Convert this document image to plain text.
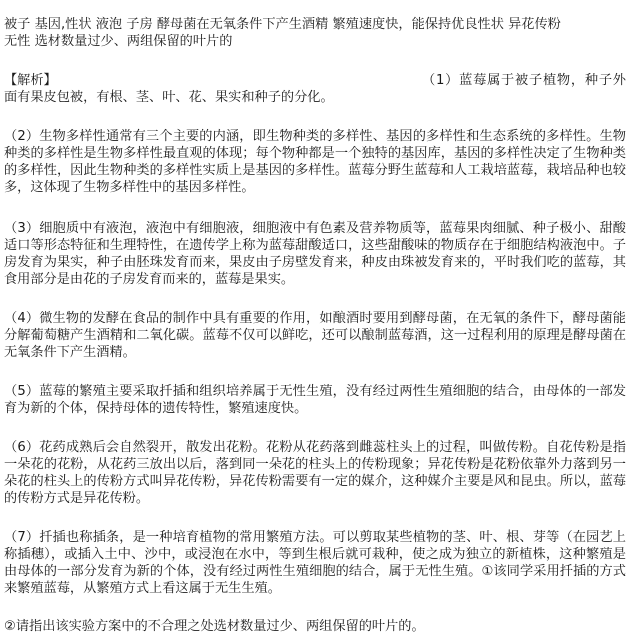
被子 基因,性状 液泡 子房 酵母菌在无氧条件下产生酒精 繁殖速度快，能保持优良性状 异花传粉
无性 选材数量过少、两组保留的叶片的
【解析】	（1）蓝莓属于被子植物，种子外面有果皮包被，有根、茎、叶、花、果实和种子的分化。

（2）生物多样性通常有三个主要的内涵，即生物种类的多样性、基因的多样性和生态系统的多样性。生物种类的多样性是生物多样性最直观的体现；每个物种都是一个独特的基因库，基因的多样性决定了生物种类的多样性，因此生物种类的多样性实质上是基因的多样性。蓝莓分野生蓝莓和人工栽培蓝莓，栽培品种也较多，这体现了生物多样性中的基因多样性。

（3）细胞质中有液泡，液泡中有细胞液，细胞液中有色素及营养物质等，蓝莓果肉细腻、种子极小、甜酸适口等形态特征和生理特性，在遗传学上称为蓝莓甜酸适口，这些甜酸味的物质存在于细胞结构液泡中。子房发育为果实，种子由胚珠发育而来，果皮由子房壁发育来，种皮由珠被发育来的，平时我们吃的蓝莓，其食用部分是由花的子房发育而来的，蓝莓是果实。

（4）微生物的发酵在食品的制作中具有重要的作用，如酿酒时要用到酵母菌，在无氧的条件下，酵母菌能分解葡萄糖产生酒精和二氧化碳。蓝莓不仅可以鲜吃，还可以酿制蓝莓酒，这一过程利用的原理是酵母菌在无氧条件下产生酒精。

（5）蓝莓的繁殖主要采取扦插和组织培养属于无性生殖，没有经过两性生殖细胞的结合，由母体的一部发育为新的个体，保持母体的遗传特性，繁殖速度快。

（6）花药成熟后会自然裂开，散发出花粉。花粉从花药落到雌蕊柱头上的过程，叫做传粉。自花传粉是指一朵花的花粉，从花药三放出以后，落到同一朵花的柱头上的传粉现象；异花传粉是花粉依靠外力落到另一朵花的柱头上的传粉方式叫异花传粉，异花传粉需要有一定的媒介，这种媒介主要是风和昆虫。所以，蓝莓的传粉方式是异花传粉。

（7）扦插也称插条，是一种培育植物的常用繁殖方法。可以剪取某些植物的茎、叶、根、芽等（在园艺上称插穗），或插入土中、沙中，或浸泡在水中，等到生根后就可栽种，使之成为独立的新植株，这种繁殖是由母体的一部分发育为新的个体，没有经过两性生殖细胞的结合，属于无性生殖。①该同学采用扦插的方式来繁殖蓝莓，从繁殖方式上看这属于无生生殖。

②请指出该实验方案中的不合理之处选材数量过少、两组保留的叶片的。
